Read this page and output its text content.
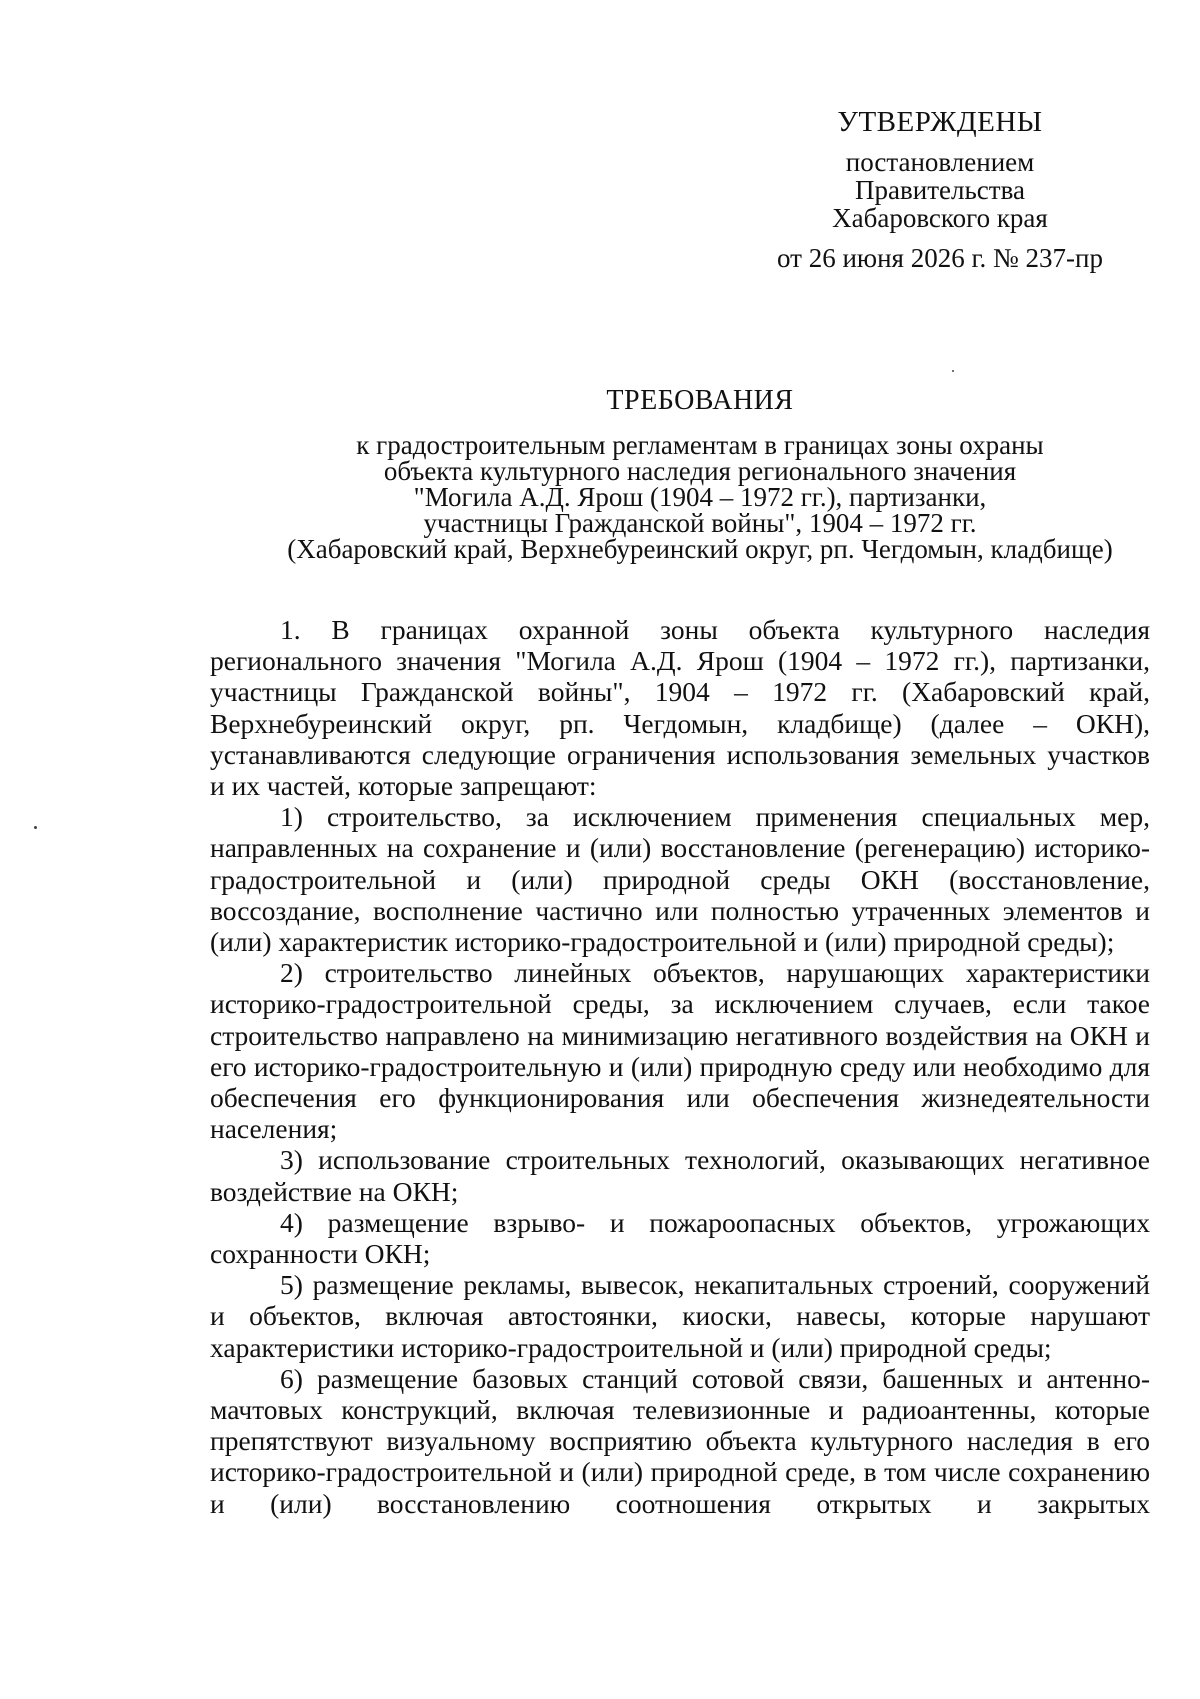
УТВЕРЖДЕНЫ
постановлением
Правительства
Хабаровского края
от 26 июня 2026 г. № 237-пр
ТРЕБОВАНИЯ
к градостроительным регламентам в границах зоны охраны
объекта культурного наследия регионального значения
"Могила А.Д. Ярош (1904 – 1972 гг.), партизанки,
участницы Гражданской войны", 1904 – 1972 гг.
(Хабаровский край, Верхнебуреинский округ, рп. Чегдомын, кладбище)

1. В границах охранной зоны объекта культурного наследия регионального значения "Могила А.Д. Ярош (1904 – 1972 гг.), партизанки, участницы Гражданской войны", 1904 – 1972 гг. (Хабаровский край, Верхнебуреинский округ, рп. Чегдомын, кладбище) (далее – ОКН), устанавливаются следующие ограничения использования земельных участков и их частей, которые запрещают:

1) строительство, за исключением применения специальных мер, направленных на сохранение и (или) восстановление (регенерацию) историко-градостроительной и (или) природной среды ОКН (восстановление, воссоздание, восполнение частично или полностью утраченных элементов и (или) характеристик историко-градостроительной и (или) природной среды);

2) строительство линейных объектов, нарушающих характеристики историко-градостроительной среды, за исключением случаев, если такое строительство направлено на минимизацию негативного воздействия на ОКН и его историко-градостроительную и (или) природную среду или необходимо для обеспечения его функционирования или обеспечения жизнедеятельности населения;

3) использование строительных технологий, оказывающих негативное воздействие на ОКН;

4) размещение взрыво- и пожароопасных объектов, угрожающих сохранности ОКН;

5) размещение рекламы, вывесок, некапитальных строений, сооружений и объектов, включая автостоянки, киоски, навесы, которые нарушают характеристики историко-градостроительной и (или) природной среды;

6) размещение базовых станций сотовой связи, башенных и антенно-мачтовых конструкций, включая телевизионные и радиоантенны, которые препятствуют визуальному восприятию объекта культурного наследия в его историко-градостроительной и (или) природной среде, в том числе сохранению и (или) восстановлению соотношения открытых и закрытых
